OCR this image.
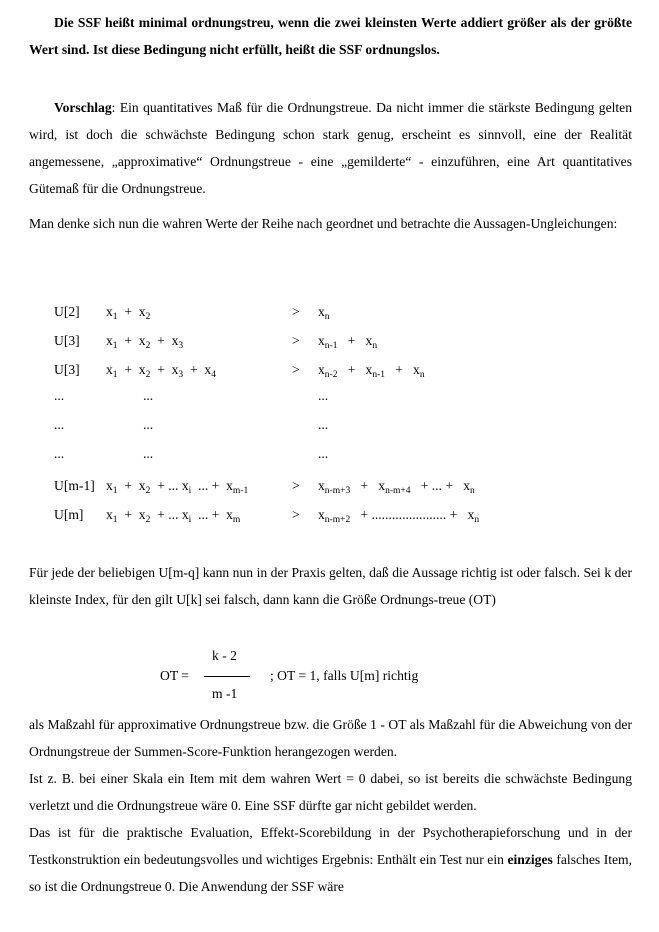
Die SSF heißt minimal ordnungstreu, wenn die zwei kleinsten Werte addiert größer als der größte Wert sind. Ist diese Bedingung nicht erfüllt, heißt die SSF ordnungslos.

Vorschlag: Ein quantitatives Maß für die Ordnungstreue. Da nicht immer die stärkste Bedingung gelten wird, ist doch die schwächste Bedingung schon stark genug, erscheint es sinnvoll, eine der Realität angemessene, „approximative“ Ordnungstreue - eine „gemilderte“ - einzuführen, eine Art quantitatives Gütemaß für die Ordnungstreue.

Man denke sich nun die wahren Werte der Reihe nach geordnet und betrachte die Aussagen-Ungleichungen:

U[2] $x_1 + x_2$	> $x_n$
U[3] $x_1 + x_2 + x_3$	> $x_{n-1} + x_n$
U[3] $x_1 + x_2 + x_3 + x_4$	> $x_{n-2} + x_{n-1} + x_n$
...	...	...
...	...	...
...	...	...
U[m-1] $x_1 + x_2$  + ... $x_i$  ... +  $x_{m-1}$	> $x_{n-m+3} + x_{n-m+4}$   + ... +   $x_n$
U[m] $x_1 + x_2$  + ... $x_i$  ... +  $x_m$	> $x_{n-m+2}$   + ...................... +   $x_n$

Für jede der beliebigen U[m-q] kann nun in der Praxis gelten, daß die Aussage richtig ist oder falsch. Sei k der kleinste Index, für den gilt U[k] sei falsch, dann kann die Größe Ordnungs-treue (OT)

OT =
k - 2
m -1
; OT = 1, falls U[m] richtig

als Maßzahl für approximative Ordnungstreue bzw. die Größe 1 - OT als Maßzahl für die Abweichung von der Ordnungstreue der Summen-Score-Funktion herangezogen werden.

Ist z. B. bei einer Skala ein Item mit dem wahren Wert = 0 dabei, so ist bereits die schwächste Bedingung verletzt und die Ordnungstreue wäre 0. Eine SSF dürfte gar nicht gebildet werden.

Das ist für die praktische Evaluation, Effekt-Scorebildung in der Psychotherapieforschung und in der Testkonstruktion ein bedeutungsvolles und wichtiges Ergebnis: Enthält ein Test nur ein einziges falsches Item, so ist die Ordnungstreue 0. Die Anwendung der SSF wäre
